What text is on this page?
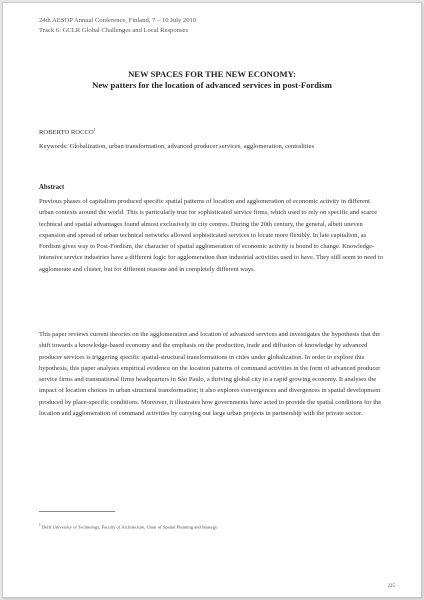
24th AESOP Annual Conference, Finland, 7 – 10 July 2010
Track 6: GCLR Global Challenges and Local Responses
NEW SPACES FOR THE NEW ECONOMY:
New patters for the location of advanced services in post-Fordism
ROBERTO ROCCO$^1$
Keywords: Globalization, urban transformation, advanced producer services, agglomeration, centralities
Abstract

Previous phases of capitalism produced specific spatial patterns of location and agglomeration of economic activity in different urban contexts around the world. This is particularly true for sophisticated service firms, which used to rely on specific and scarce technical and spatial advantages found almost exclusively in city centres. During the 20th century, the general, albeit uneven expansion and spread of urban technical networks allowed sophisticated services to locate more flexibly. In late capitalism, as Fordism gives way to Post-Fordism, the character of spatial agglomeration of economic activity is bound to change. Knowledge-intensive service industries have a different logic for agglomeration than industrial activities used to have. They still seem to need to agglomerate and cluster, but for different reasons and in completely different ways.

This paper reviews current theories on the agglomeration and location of advanced services and investigates the hypothesis that the shift towards a knowledge-based economy and the emphasis on the production, trade and diffusion of knowledge by advanced producer services is triggering specific spatial-structural transformations in cities under globalization. In order to explore this hypothesis, this paper analyses empirical evidence on the location patterns of command activities in the form of advanced producer service firms and transnational firms headquarters in São Paulo, a thriving global city in a rapid growing economy. It analyses the impact of location choices in urban structural transformation; it also explores convergences and divergences in spatial development produced by place-specific conditions. Moreover, it illustrates how governments have acted to provide the spatial conditions for the location and agglomeration of command activities by carrying out large urban projects in partnership with the private sector.

$^1$ Delft University of Technology, Faculty of Architecture, Chair of Spatial Planning and Strategy
225
